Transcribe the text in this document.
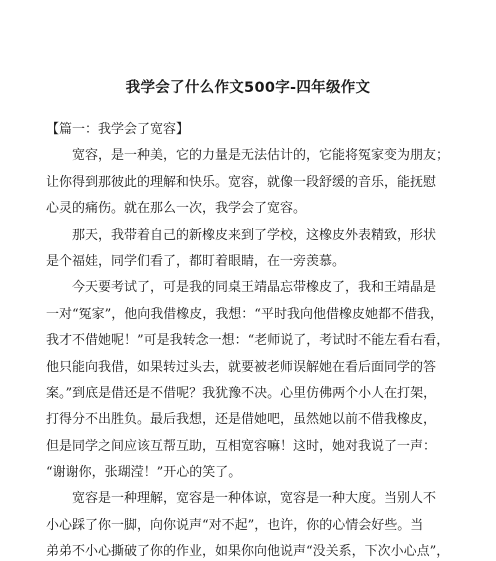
我学会了什么作文500字-四年级作文
【篇一：我学会了宽容】
宽容，是一种美，它的力量是无法估计的，它能将冤家变为朋友；
让你得到那彼此的理解和快乐。宽容，就像一段舒缓的音乐，能抚慰
心灵的痛伤。就在那么一次，我学会了宽容。
那天，我带着自己的新橡皮来到了学校，这橡皮外表精致，形状
是个福娃，同学们看了，都盯着眼睛，在一旁羡慕。
今天要考试了，可是我的同桌王靖晶忘带橡皮了，我和王靖晶是
一对“冤家”，他向我借橡皮，我想：“平时我向他借橡皮她都不借我，
我才不借她呢！”可是我转念一想：“老师说了，考试时不能左看右看，
他只能向我借，如果转过头去，就要被老师误解她在看后面同学的答
案。”到底是借还是不借呢？我犹豫不决。心里仿佛两个小人在打架，
打得分不出胜负。最后我想，还是借她吧，虽然她以前不借我橡皮，
但是同学之间应该互帮互助，互相宽容嘛！这时，她对我说了一声：
“谢谢你，张瑚滢！”开心的笑了。
宽容是一种理解，宽容是一种体谅，宽容是一种大度。当别人不
小心踩了你一脚，向你说声“对不起”，也许，你的心情会好些。当
弟弟不小心撕破了你的作业，如果你向他说声“没关系，下次小心点”，
